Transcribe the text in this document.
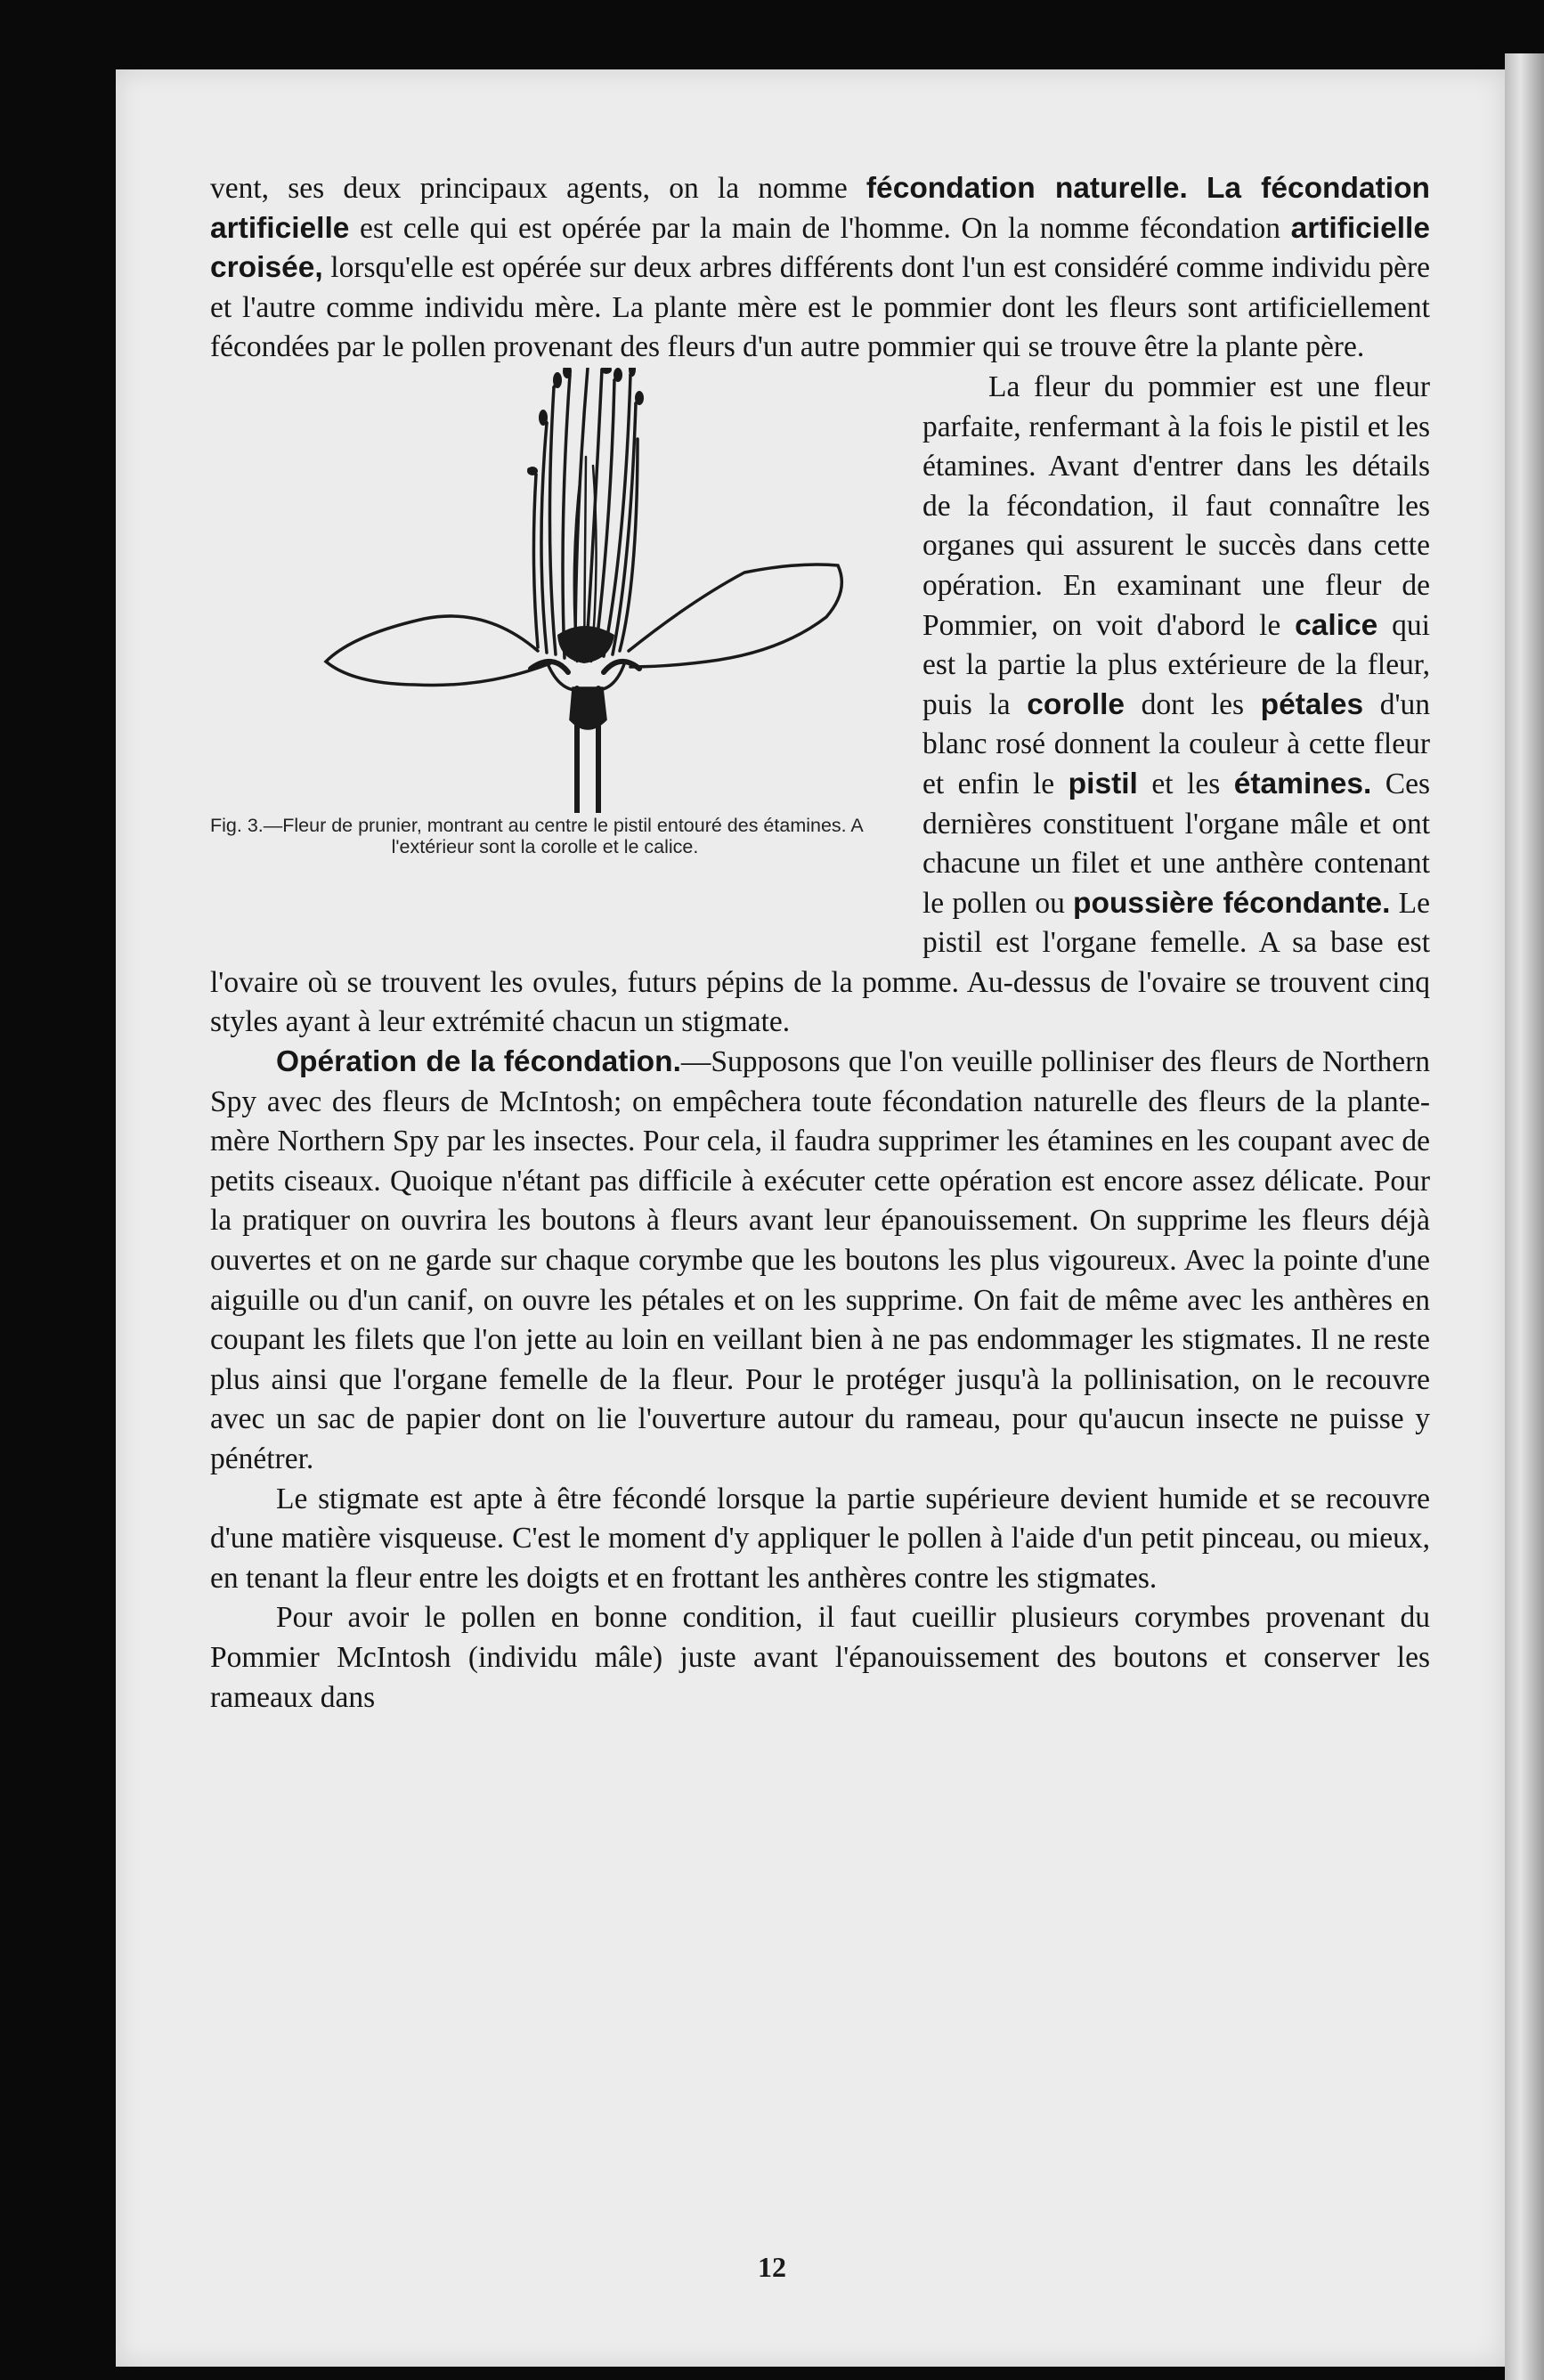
vent, ses deux principaux agents, on la nomme fécondation naturelle. La fécondation artificielle est celle qui est opérée par la main de l'homme. On la nomme fécondation artificielle croisée, lorsqu'elle est opérée sur deux arbres différents dont l'un est considéré comme individu père et l'autre comme individu mère. La plante mère est le pommier dont les fleurs sont artificiellement fécondées par le pollen provenant des fleurs d'un autre pommier qui se trouve être la plante père.

Fig. 3.—Fleur de prunier, montrant au centre le pistil entouré des étamines. A
l'extérieur sont la corolle et le calice.

La fleur du pommier est une fleur parfaite, renfermant à la fois le pistil et les étamines. Avant d'entrer dans les détails de la fécondation, il faut connaître les organes qui assurent le succès dans cette opération. En examinant une fleur de Pommier, on voit d'abord le calice qui est la partie la plus extérieure de la fleur, puis la corolle dont les pétales d'un blanc rosé donnent la couleur à cette fleur et enfin le pistil et les étamines. Ces dernières constituent l'organe mâle et ont chacune un filet et une anthère contenant le pollen ou poussière fécondante. Le pistil est l'organe femelle. A sa base est l'ovaire où se trouvent les ovules, futurs pépins de la pomme. Au-dessus de l'ovaire se trouvent cinq styles ayant à leur extrémité chacun un stigmate.

Opération de la fécondation.—Supposons que l'on veuille polliniser des fleurs de Northern Spy avec des fleurs de McIntosh; on empêchera toute fécondation naturelle des fleurs de la plante-mère Northern Spy par les insectes. Pour cela, il faudra supprimer les étamines en les coupant avec de petits ciseaux. Quoique n'étant pas difficile à exécuter cette opération est encore assez délicate. Pour la pratiquer on ouvrira les boutons à fleurs avant leur épanouissement. On supprime les fleurs déjà ouvertes et on ne garde sur chaque corymbe que les boutons les plus vigoureux. Avec la pointe d'une aiguille ou d'un canif, on ouvre les pétales et on les supprime. On fait de même avec les anthères en coupant les filets que l'on jette au loin en veillant bien à ne pas endommager les stigmates. Il ne reste plus ainsi que l'organe femelle de la fleur. Pour le protéger jusqu'à la pollinisation, on le recouvre avec un sac de papier dont on lie l'ouverture autour du rameau, pour qu'aucun insecte ne puisse y pénétrer.

Le stigmate est apte à être fécondé lorsque la partie supérieure devient humide et se recouvre d'une matière visqueuse. C'est le moment d'y appliquer le pollen à l'aide d'un petit pinceau, ou mieux, en tenant la fleur entre les doigts et en frottant les anthères contre les stigmates.

Pour avoir le pollen en bonne condition, il faut cueillir plusieurs corymbes provenant du Pommier McIntosh (individu mâle) juste avant l'épanouissement des boutons et conserver les rameaux dans

12
